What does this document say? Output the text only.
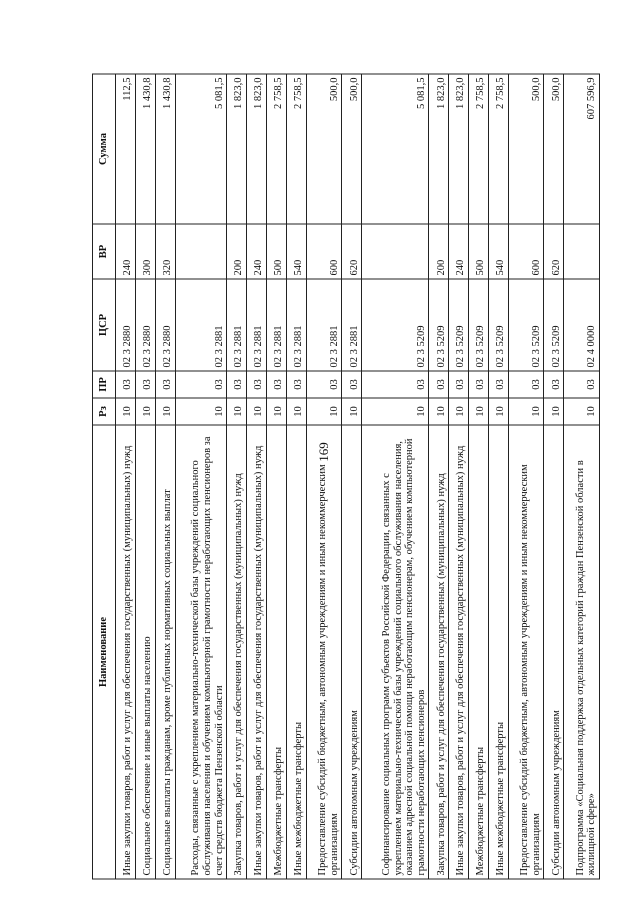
169
Наименование	Рз	ПР	ЦСР	ВР	Сумма
Иные закупки товаров, работ и услуг для обеспечения государственных (муниципальных) нужд	10	03	02 3 2880	240	112,5
Социальное обеспечение и иные выплаты населению	10	03	02 3 2880	300	1 430,8
Социальные выплаты гражданам, кроме публичных нормативных социальных выплат	10	03	02 3 2880	320	1 430,8
Расходы, связанные с укреплением материально-технической базы учреждений социального обслуживания населения и обучением компьютерной грамотности неработающих пенсионеров за счет средств бюджета Пензенской области	10	03	02 3 2881		5 081,5
Закупка товаров, работ и услуг для обеспечения государственных (муниципальных) нужд	10	03	02 3 2881	200	1 823,0
Иные закупки товаров, работ и услуг для обеспечения государственных (муниципальных) нужд	10	03	02 3 2881	240	1 823,0
Межбюджетные трансферты	10	03	02 3 2881	500	2 758,5
Иные межбюджетные трансферты	10	03	02 3 2881	540	2 758,5
Предоставление субсидий бюджетным, автономным учреждениям и иным некоммерческим организациям	10	03	02 3 2881	600	500,0
Субсидии автономным учреждениям	10	03	02 3 2881	620	500,0
Софинансирование социальных программ субъектов Российской Федерации, связанных с укреплением материально-технической базы учреждений социального обслуживания населения, оказанием адресной социальной помощи неработающим пенсионерам, обучением компьютерной грамотности неработающих пенсионеров	10	03	02 3 5209		5 081,5
Закупка товаров, работ и услуг для обеспечения государственных (муниципальных) нужд	10	03	02 3 5209	200	1 823,0
Иные закупки товаров, работ и услуг для обеспечения государственных (муниципальных) нужд	10	03	02 3 5209	240	1 823,0
Межбюджетные трансферты	10	03	02 3 5209	500	2 758,5
Иные межбюджетные трансферты	10	03	02 3 5209	540	2 758,5
Предоставление субсидий бюджетным, автономным учреждениям и иным некоммерческим организациям	10	03	02 3 5209	600	500,0
Субсидии автономным учреждениям	10	03	02 3 5209	620	500,0
Подпрограмма «Социальная поддержка отдельных категорий граждан Пензенской области в жилищной сфере»	10	03	02 4 0000		607 596,9
